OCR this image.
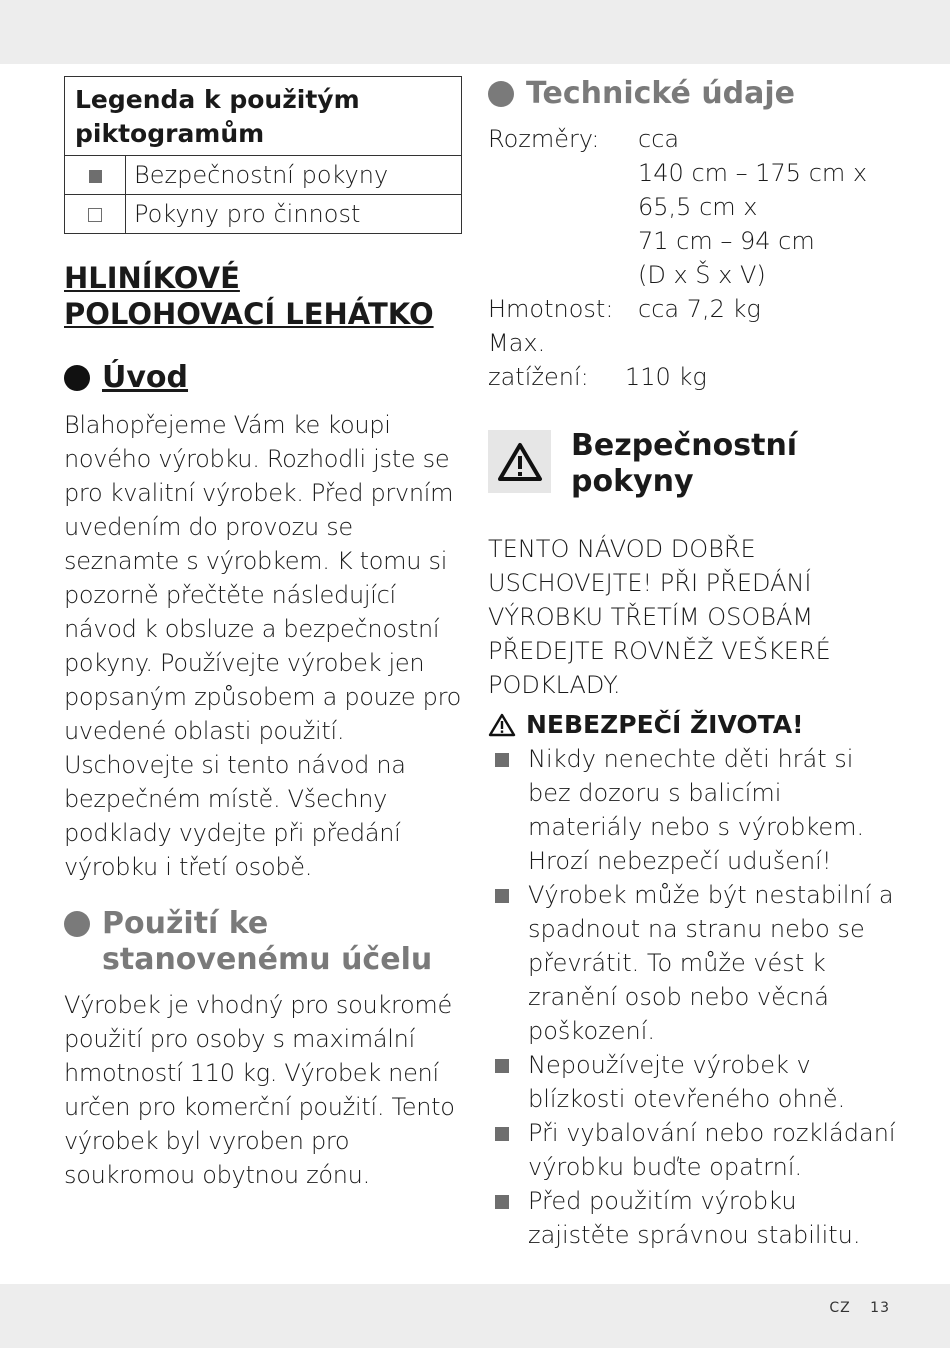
Legenda k použitým piktogramům	
	Bezpečnostní pokyny
	Pokyny pro činnost
HLINÍKOVÉ
POLOHOVACÍ LEHÁTKO
Úvod

Blahopřejeme Vám ke koupi nového výrobku. Rozhodli jste se pro kvalitní výrobek. Před prvním uvedením do provozu se seznamte s výrobkem. K tomu si pozorně přečtěte následující návod k obsluze a bezpečnostní pokyny. Používejte výrobek jen popsaným způsobem a pouze pro uvedené oblasti použití. Uschovejte si tento návod na bezpečném místě. Všechny podklady vydejte při předání výrobku i třetí osobě.

Použití ke
stanovenému účelu

Výrobek je vhodný pro soukromé použití pro osoby s maximální hmotností 110 kg. Výrobek není určen pro komerční použití. Tento výrobek byl vyroben pro soukromou obytnou zónu.

Technické údaje
Rozměry:	cca
140 cm – 175 cm x
65,5 cm x
71 cm – 94 cm
(D x Š x V)
Hmotnost:	cca 7,2 kg
Max.
zatížení:	110 kg
Bezpečnostní
pokyny

TENTO NÁVOD DOBŘE USCHOVEJTE! PŘI PŘEDÁNÍ VÝROBKU TŘETÍM OSOBÁM PŘEDEJTE ROVNĚŽ VEŠKERÉ PODKLADY.

NEBEZPEČÍ ŽIVOTA!
Nikdy nenechte děti hrát si bez dozoru s balicími materiály nebo s výrobkem. Hrozí nebezpečí udušení!
Výrobek může být nestabilní a spadnout na stranu nebo se převrátit. To může vést k zranění osob nebo věcná poškození.
Nepoužívejte výrobek v blízkosti otevřeného ohně.
Při vybalování nebo rozkládaní výrobku buďte opatrní.
Před použitím výrobku zajistěte správnou stabilitu.
CZ 13
